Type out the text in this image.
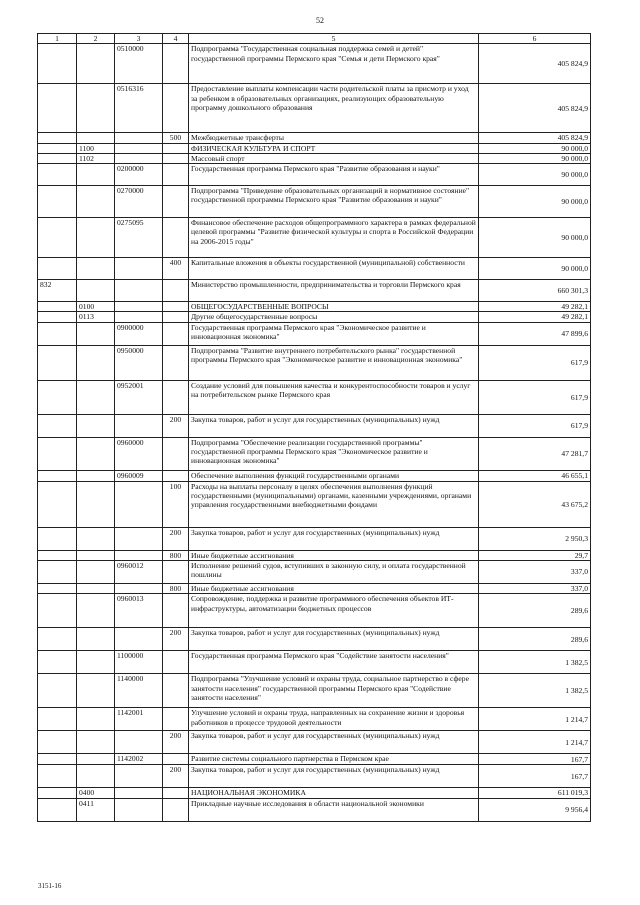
52
1	2	3	4	5	6
		0510000		Подпрограмма "Государственная социальная поддержка семей и детей" государственной программы Пермского края "Семья и дети Пермского края"	405 824,9
		0516316		Предоставление выплаты компенсации части родительской платы за присмотр и уход за ребенком в образовательных организациях, реализующих образовательную программу дошкольного образования	405 824,9
			500	Межбюджетные трансферты	405 824,9
	1100			ФИЗИЧЕСКАЯ КУЛЬТУРА И СПОРТ	90 000,0
	1102			Массовый спорт	90 000,0
		0200000		Государственная программа Пермского края "Развитие образования и науки"	90 000,0
		0270000		Подпрограмма "Приведение образовательных организаций в нормативное состояние" государственной программы Пермского края "Развитие образования и науки"	90 000,0
		0275095		Финансовое обеспечение расходов общепрограммного характера в рамках федеральной целевой программы "Развитие физической культуры и спорта в Российской Федерации на 2006-2015 годы"	90 000,0
			400	Капитальные вложения в объекты государственной (муниципальной) собственности	90 000,0
832				Министерство промышленности, предпринимательства и торговли Пермского края	660 301,3
	0100			ОБЩЕГОСУДАРСТВЕННЫЕ ВОПРОСЫ	49 282,1
	0113			Другие общегосударственные вопросы	49 282,1
		0900000		Государственная программа Пермского края "Экономическое развитие и инновационная экономика"	47 899,6
		0950000		Подпрограмма "Развитие внутреннего потребительского рынка" государственной программы Пермского края "Экономическое развитие и инновационная экономика"	617,9
		0952001		Создание условий для повышения качества и конкурентоспособности товаров и услуг на потребительском рынке Пермского края	617,9
			200	Закупка товаров, работ и услуг для государственных (муниципальных) нужд	617,9
		0960000		Подпрограмма "Обеспечение реализации государственной программы" государственной программы Пермского края "Экономическое развитие и инновационная экономика"	47 281,7
		0960009		Обеспечение выполнения функций государственными органами	46 655,1
			100	Расходы на выплаты персоналу в целях обеспечения выполнения функций государственными (муниципальными) органами, казенными учреждениями, органами управления государственными внебюджетными фондами	43 675,2
			200	Закупка товаров, работ и услуг для государственных (муниципальных) нужд	2 950,3
			800	Иные бюджетные ассигнования	29,7
		0960012		Исполнение решений судов, вступивших в законную силу, и оплата государственной пошлины	337,0
			800	Иные бюджетные ассигнования	337,0
		0960013		Сопровождение, поддержка и развитие программного обеспечения объектов ИТ-инфраструктуры, автоматизации бюджетных процессов	289,6
			200	Закупка товаров, работ и услуг для государственных (муниципальных) нужд	289,6
		1100000		Государственная программа Пермского края "Содействие занятости населения"	1 382,5
		1140000		Подпрограмма "Улучшение условий и охраны труда, социальное партнерство в сфере занятости населения" государственной программы Пермского края "Содействие занятости населения"	1 382,5
		1142001		Улучшение условий и охраны труда, направленных на сохранение жизни и здоровья работников в процессе трудовой деятельности	1 214,7
			200	Закупка товаров, работ и услуг для государственных (муниципальных) нужд	1 214,7
		1142002		Развитие системы социального партнерства в Пермском крае	167,7
			200	Закупка товаров, работ и услуг для государственных (муниципальных) нужд	167,7
	0400			НАЦИОНАЛЬНАЯ ЭКОНОМИКА	611 019,3
	0411			Прикладные научные исследования в области национальной экономики	9 956,4
3151-16
